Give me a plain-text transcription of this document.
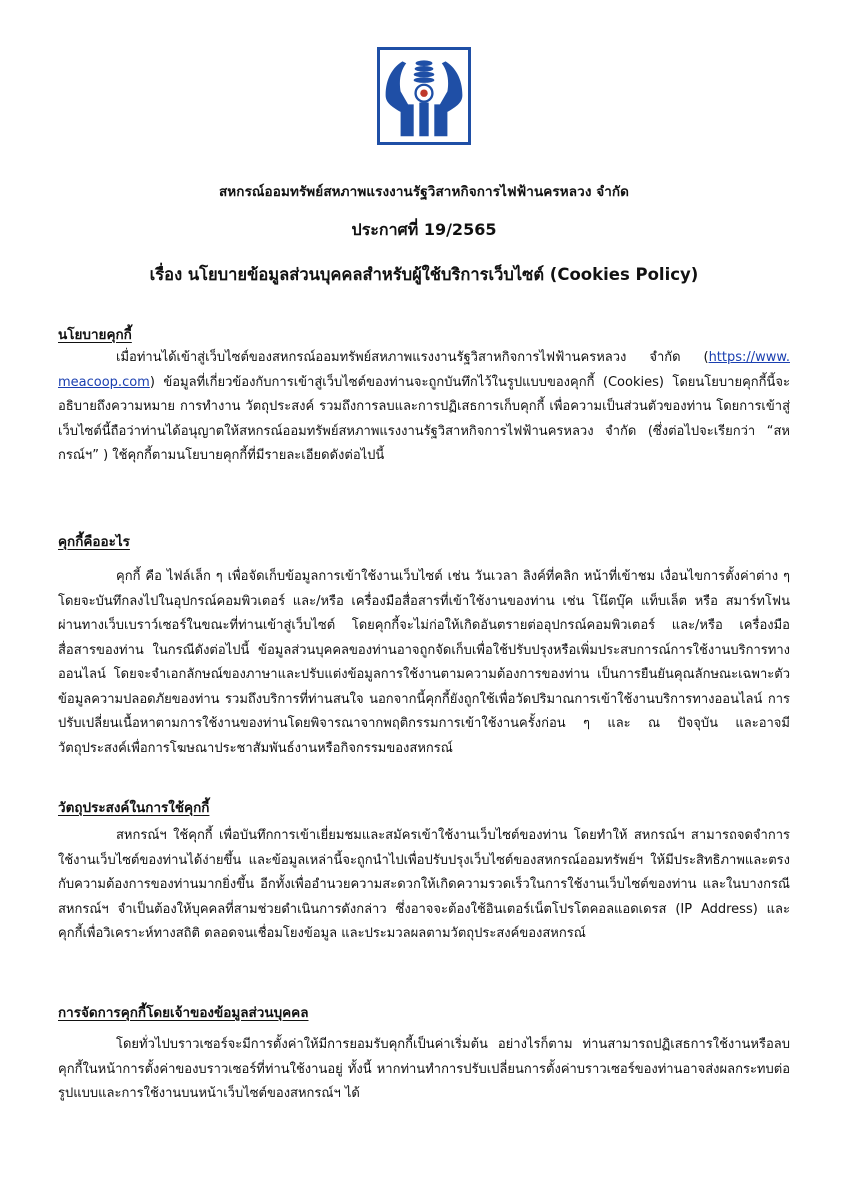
สหกรณ์ออมทรัพย์สหภาพแรงงานรัฐวิสาหกิจการไฟฟ้านครหลวง จำกัด
ประกาศที่ 19/2565
เรื่อง นโยบายข้อมูลส่วนบุคคลสำหรับผู้ใช้บริการเว็บไซต์ (Cookies Policy)
นโยบายคุกกี้
เมื่อท่านได้เข้าสู่เว็บไซต์ของสหกรณ์ออมทรัพย์สหภาพแรงงานรัฐวิสาหกิจการไฟฟ้านครหลวง จำกัด (https://www. meacoop.com) ข้อมูลที่เกี่ยวข้องกับการเข้าสู่เว็บไซต์ของท่านจะถูกบันทึกไว้ในรูปแบบของคุกกี้ (Cookies) โดยนโยบายคุกกี้นี้จะอธิบายถึงความหมาย การทำงาน วัตถุประสงค์ รวมถึงการลบและการปฏิเสธการเก็บคุกกี้ เพื่อความเป็นส่วนตัวของท่าน โดยการเข้าสู่เว็บไซต์นี้ถือว่าท่านได้อนุญาตให้สหกรณ์ออมทรัพย์สหภาพแรงงานรัฐวิสาหกิจการไฟฟ้านครหลวง จำกัด (ซึ่งต่อไปจะเรียกว่า “สหกรณ์ฯ” ) ใช้คุกกี้ตามนโยบายคุกกี้ที่มีรายละเอียดดังต่อไปนี้
คุกกี้คืออะไร
คุกกี้ คือ ไฟล์เล็ก ๆ เพื่อจัดเก็บข้อมูลการเข้าใช้งานเว็บไซต์ เช่น วันเวลา ลิงค์ที่คลิก หน้าที่เข้าชม เงื่อนไขการตั้งค่าต่าง ๆ โดยจะบันทึกลงไปในอุปกรณ์คอมพิวเตอร์ และ/หรือ เครื่องมือสื่อสารที่เข้าใช้งานของท่าน เช่น โน๊ตบุ๊ค แท็บเล็ต หรือ สมาร์ทโฟน ผ่านทางเว็บเบราว์เซอร์ในขณะที่ท่านเข้าสู่เว็บไซต์ โดยคุกกี้จะไม่ก่อให้เกิดอันตรายต่ออุปกรณ์คอมพิวเตอร์ และ/หรือ เครื่องมือสื่อสารของท่าน ในกรณีดังต่อไปนี้ ข้อมูลส่วนบุคคลของท่านอาจถูกจัดเก็บเพื่อใช้ปรับปรุงหรือเพิ่มประสบการณ์การใช้งานบริการทางออนไลน์ โดยจะจำเอกลักษณ์ของภาษาและปรับแต่งข้อมูลการใช้งานตามความต้องการของท่าน เป็นการยืนยันคุณลักษณะเฉพาะตัว ข้อมูลความปลอดภัยของท่าน รวมถึงบริการที่ท่านสนใจ นอกจากนี้คุกกี้ยังถูกใช้เพื่อวัดปริมาณการเข้าใช้งานบริการทางออนไลน์ การปรับเปลี่ยนเนื้อหาตามการใช้งานของท่านโดยพิจารณาจากพฤติกรรมการเข้าใช้งานครั้งก่อน ๆ และ ณ ปัจจุบัน และอาจมีวัตถุประสงค์เพื่อการโฆษณาประชาสัมพันธ์งานหรือกิจกรรมของสหกรณ์
วัตถุประสงค์ในการใช้คุกกี้
สหกรณ์ฯ ใช้คุกกี้ เพื่อบันทึกการเข้าเยี่ยมชมและสมัครเข้าใช้งานเว็บไซต์ของท่าน โดยทำให้ สหกรณ์ฯ สามารถจดจำการใช้งานเว็บไซต์ของท่านได้ง่ายขึ้น และข้อมูลเหล่านี้จะถูกนำไปเพื่อปรับปรุงเว็บไซต์ของสหกรณ์ออมทรัพย์ฯ ให้มีประสิทธิภาพและตรงกับความต้องการของท่านมากยิ่งขึ้น อีกทั้งเพื่ออำนวยความสะดวกให้เกิดความรวดเร็วในการใช้งานเว็บไซต์ของท่าน และในบางกรณีสหกรณ์ฯ จำเป็นต้องให้บุคคลที่สามช่วยดำเนินการดังกล่าว ซึ่งอาจจะต้องใช้อินเตอร์เน็ตโปรโตคอลแอดเดรส (IP Address) และคุกกี้เพื่อวิเคราะห์ทางสถิติ ตลอดจนเชื่อมโยงข้อมูล และประมวลผลตามวัตถุประสงค์ของสหกรณ์
การจัดการคุกกี้โดยเจ้าของข้อมูลส่วนบุคคล
โดยทั่วไปบราวเซอร์จะมีการตั้งค่าให้มีการยอมรับคุกกี้เป็นค่าเริ่มต้น อย่างไรก็ตาม ท่านสามารถปฏิเสธการใช้งานหรือลบคุกกี้ในหน้าการตั้งค่าของบราวเซอร์ที่ท่านใช้งานอยู่ ทั้งนี้ หากท่านทำการปรับเปลี่ยนการตั้งค่าบราวเซอร์ของท่านอาจส่งผลกระทบต่อรูปแบบและการใช้งานบนหน้าเว็บไซต์ของสหกรณ์ฯ ได้
